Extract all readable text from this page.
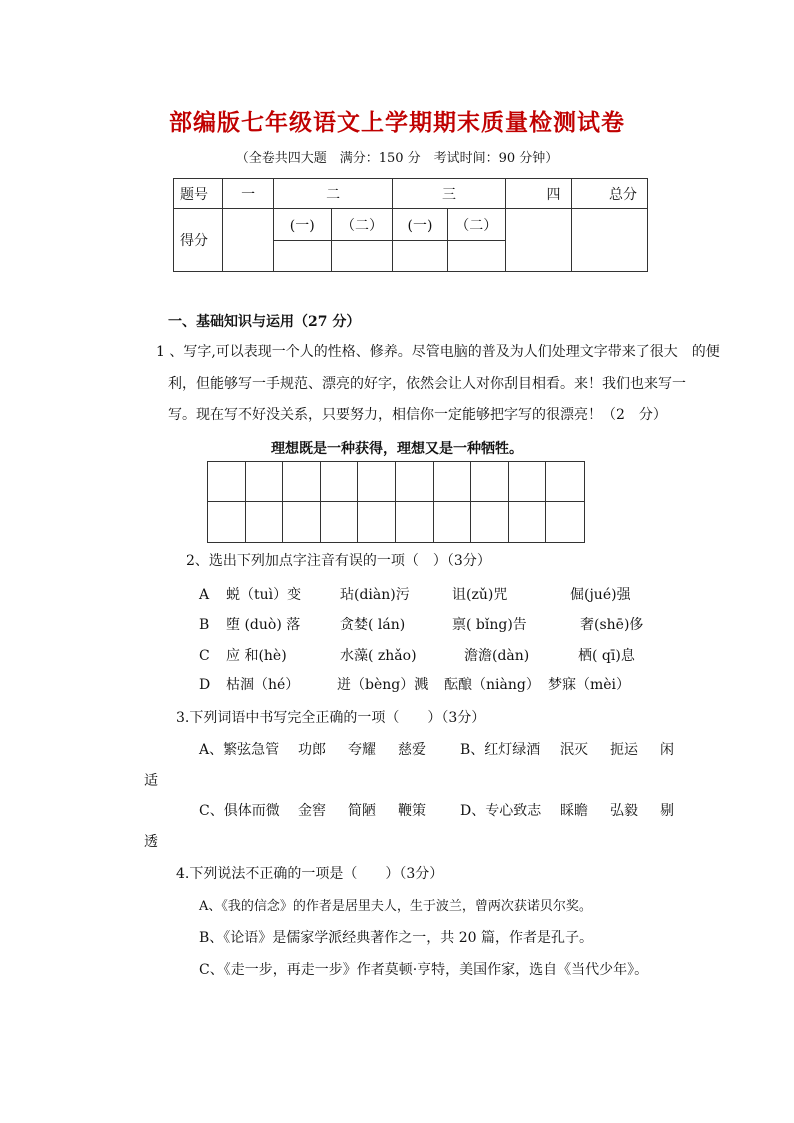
部编版七年级语文上学期期末质量检测试卷
（全卷共四大题　满分：150 分　考试时间：90 分钟）
题号	一	二		三		四	总分
得分		(一)	（二）	(一)	（二）		

一、基础知识与运用（27 分）
1 、写字,可以表现一个人的性格、修养。尽管电脑的普及为人们处理文字带来了很大　的便
利，但能够写一手规范、漂亮的好字，依然会让人对你刮目相看。来！我们也来写一
写。现在写不好没关系，只要努力，相信你一定能够把字写的很漂亮！（2　分）
理想既是一种获得，理想又是一种牺牲。
2、选出下列加点字注音有误的一项（　）（3分）
A 蜕（tuì）变	玷(diàn)污	诅(zǔ)咒	倔(jué)强
B 堕 (duò) 落	贪婪( lán)	禀( bǐng)告	奢(shē)侈
C 应 和(hè)	水藻( zhǎo)	澹澹(dàn)	栖( qī)息
D 枯涸（hé）	迸（bèng）溅 酝酿（niàng） 梦寐（mèi）
3.下列词语中书写完全正确的一项（　　）（3分）
A、繁弦急管 功郎 夸耀 慈爱 B、红灯绿酒 泯灭 扼运 闲
适
C、俱体而微 金窖 简陋 鞭策 D、专心致志 睬瞻 弘毅 剔
透
4.下列说法不正确的一项是（　　）（3分）
A、《我的信念》的作者是居里夫人，生于波兰，曾两次获诺贝尔奖。
B、《论语》是儒家学派经典著作之一，共 20 篇，作者是孔子。
C、《走一步，再走一步》作者莫顿·亨特，美国作家，选自《当代少年》。
